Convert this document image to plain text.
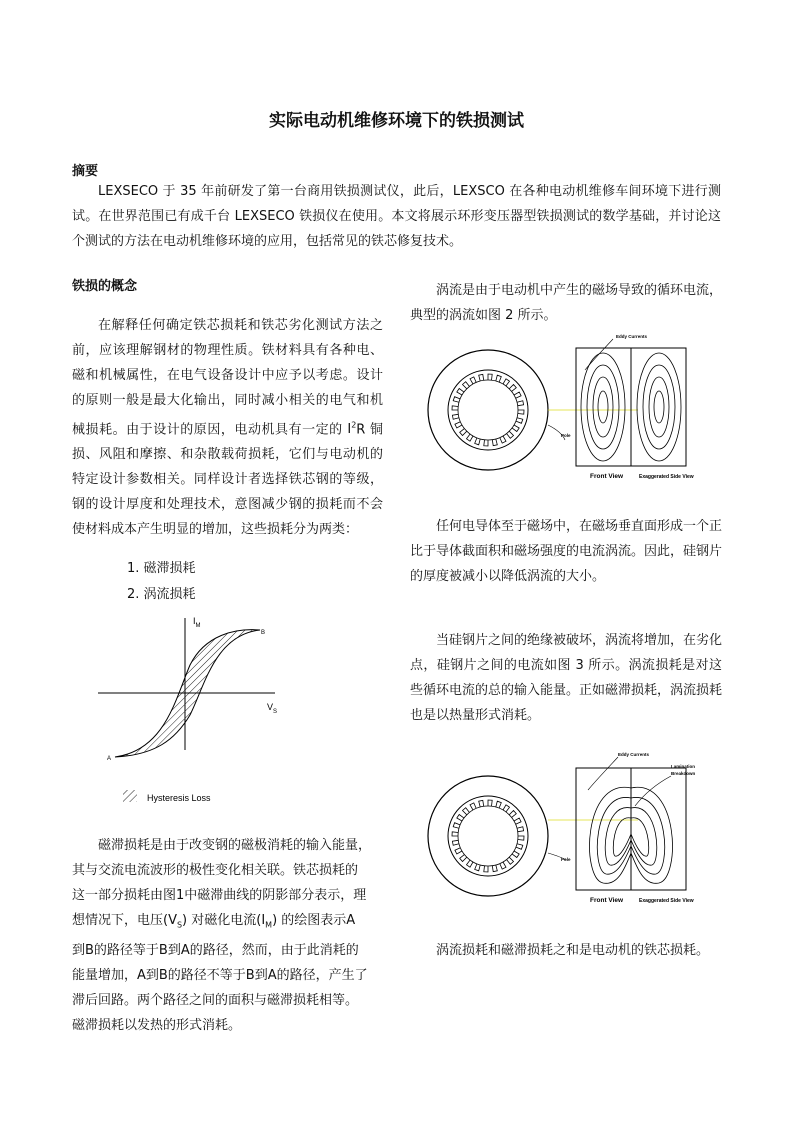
实际电动机维修环境下的铁损测试
摘要
LEXSECO 于 35 年前研发了第一台商用铁损测试仪，此后，LEXSCO 在各种电动机维修车间环境下进行测试。在世界范围已有成千台 LEXSECO 铁损仪在使用。本文将展示环形变压器型铁损测试的数学基础，并讨论这个测试的方法在电动机维修环境的应用，包括常见的铁芯修复技术。
铁损的概念
在解释任何确定铁芯损耗和铁芯劣化测试方法之前，应该理解钢材的物理性质。铁材料具有各种电、磁和机械属性，在电气设备设计中应予以考虑。设计的原则一般是最大化输出，同时减小相关的电气和机械损耗。由于设计的原因，电动机具有一定的 $I^2R$ 铜损、风阻和摩擦、和杂散载荷损耗，它们与电动机的特定设计参数相关。同样设计者选择铁芯钢的等级，钢的设计厚度和处理技术，意图减少钢的损耗而不会使材料成本产生明显的增加，这些损耗分为两类：
1. 磁滞损耗
2. 涡流损耗
$I_M$
$V_S$
A
B
Hysteresis Loss
磁滞损耗是由于改变钢的磁极消耗的输入能量，
其与交流电流波形的极性变化相关联。铁芯损耗的
这一部分损耗由图1中磁滞曲线的阴影部分表示，理
想情况下，电压$(V_S)$ 对磁化电流$(I_M)$ 的绘图表示A
到B的路径等于B到A的路径，然而，由于此消耗的
能量增加，A到B的路径不等于B到A的路径，产生了
滞后回路。两个路径之间的面积与磁滞损耗相等。
磁滞损耗以发热的形式消耗。
涡流是由于电动机中产生的磁场导致的循环电流，典型的涡流如图 2 所示。
Eddy Currents
Pole
Front View	Exaggerated Side View
任何电导体至于磁场中，在磁场垂直面形成一个正比于导体截面积和磁场强度的电流涡流。因此，硅钢片的厚度被减小以降低涡流的大小。
当硅钢片之间的绝缘被破坏，涡流将增加，在劣化点，硅钢片之间的电流如图 3 所示。涡流损耗是对这些循环电流的总的输入能量。正如磁滞损耗，涡流损耗也是以热量形式消耗。
Eddy Currents
Lamination
Breakdown
Pole
Front View	Exaggerated Side View
涡流损耗和磁滞损耗之和是电动机的铁芯损耗。
